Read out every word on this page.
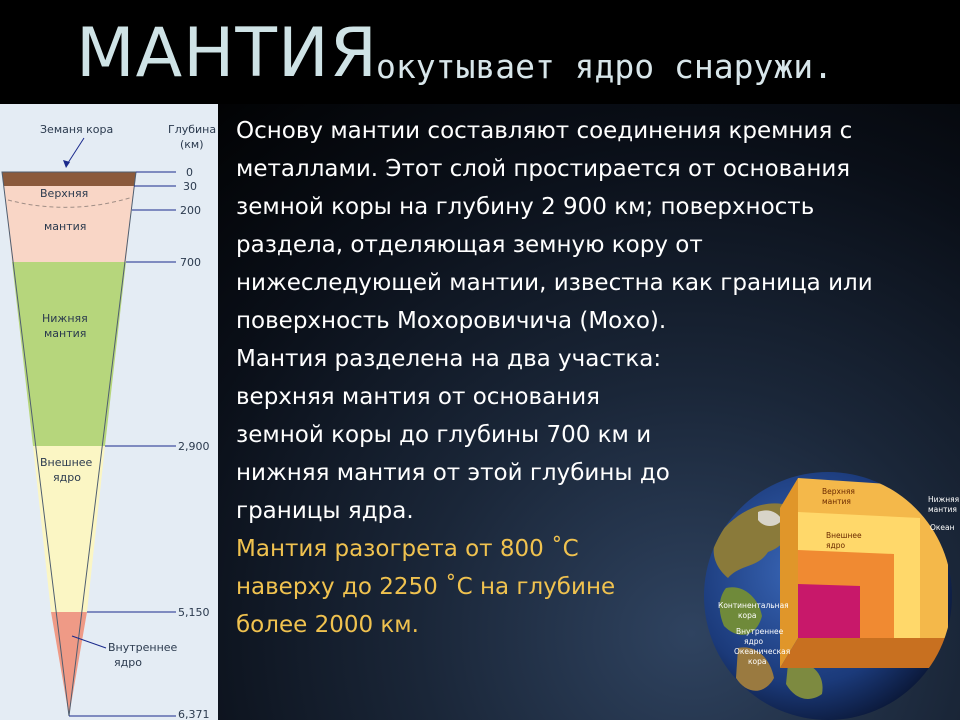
МАНТИЯ
окутывает ядро снаружи.
Земаня кора	Глубина
(км)
0
30
200
700
2,900
5,150
6,371
Верхняя
мантия
Нижняя
мантия
Внешнее
ядро
Внутреннее
ядро

Основу мантии составляют соединения кремния с
металлами. Этот слой простирается от основания
земной коры на глубину 2 900 км; поверхность
раздела, отделяющая земную кору от
нижеследующей мантии, известна как граница или
поверхность Мохоровичича (Мохо).

Мантия разделена на два участка:
верхняя мантия от основания
земной коры до глубины 700 км и
нижняя мантия от этой глубины до
границы ядра.

Мантия разогрета от 800 ˚C
наверху до 2250 ˚C на глубине
более 2000 км.

Верхняя
мантия	Нижняя
мантия
Океан
Внешнее
ядро
Континентальная
кора
Внутреннее
ядро
Океаническая
кора
